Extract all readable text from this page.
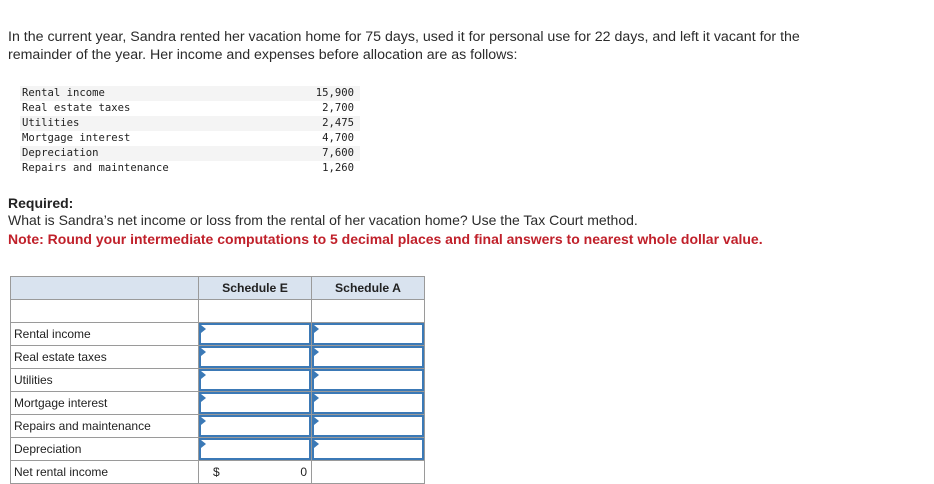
In the current year, Sandra rented her vacation home for 75 days, used it for personal use for 22 days, and left it vacant for the
remainder of the year. Her income and expenses before allocation are as follows:
Rental income	15,900
Real estate taxes	2,700
Utilities	2,475
Mortgage interest	4,700
Depreciation	7,600
Repairs and maintenance	1,260
Required:
What is Sandra’s net income or loss from the rental of her vacation home? Use the Tax Court method.
Note: Round your intermediate computations to 5 decimal places and final answers to nearest whole dollar value.
	Schedule E	Schedule A

Rental income	

Real estate taxes	

Utilities	

Mortgage interest	

Repairs and maintenance	

Depreciation	

Net rental income	$ 0	
